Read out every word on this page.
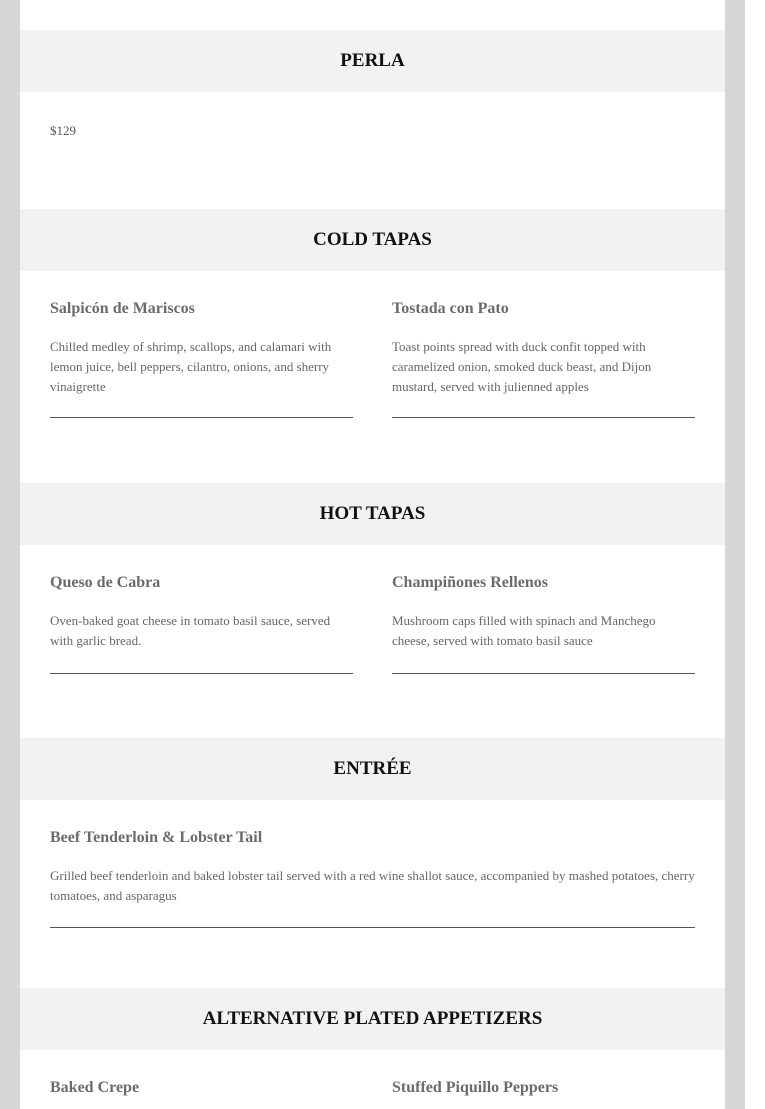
PERLA
$129
COLD TAPAS
Salpicón de Mariscos
Chilled medley of shrimp, scallops, and calamari with lemon juice, bell peppers, cilantro, onions, and sherry vinaigrette
Tostada con Pato
Toast points spread with duck confit topped with caramelized onion, smoked duck beast, and Dijon mustard, served with julienned apples
HOT TAPAS
Queso de Cabra
Oven-baked goat cheese in tomato basil sauce, served with garlic bread.
Champiñones Rellenos
Mushroom caps filled with spinach and Manchego cheese, served with tomato basil sauce
ENTRÉE
Beef Tenderloin & Lobster Tail
Grilled beef tenderloin and baked lobster tail served with a red wine shallot sauce, accompanied by mashed potatoes, cherry tomatoes, and asparagus
ALTERNATIVE PLATED APPETIZERS
Baked Crepe	Stuffed Piquillo Peppers
